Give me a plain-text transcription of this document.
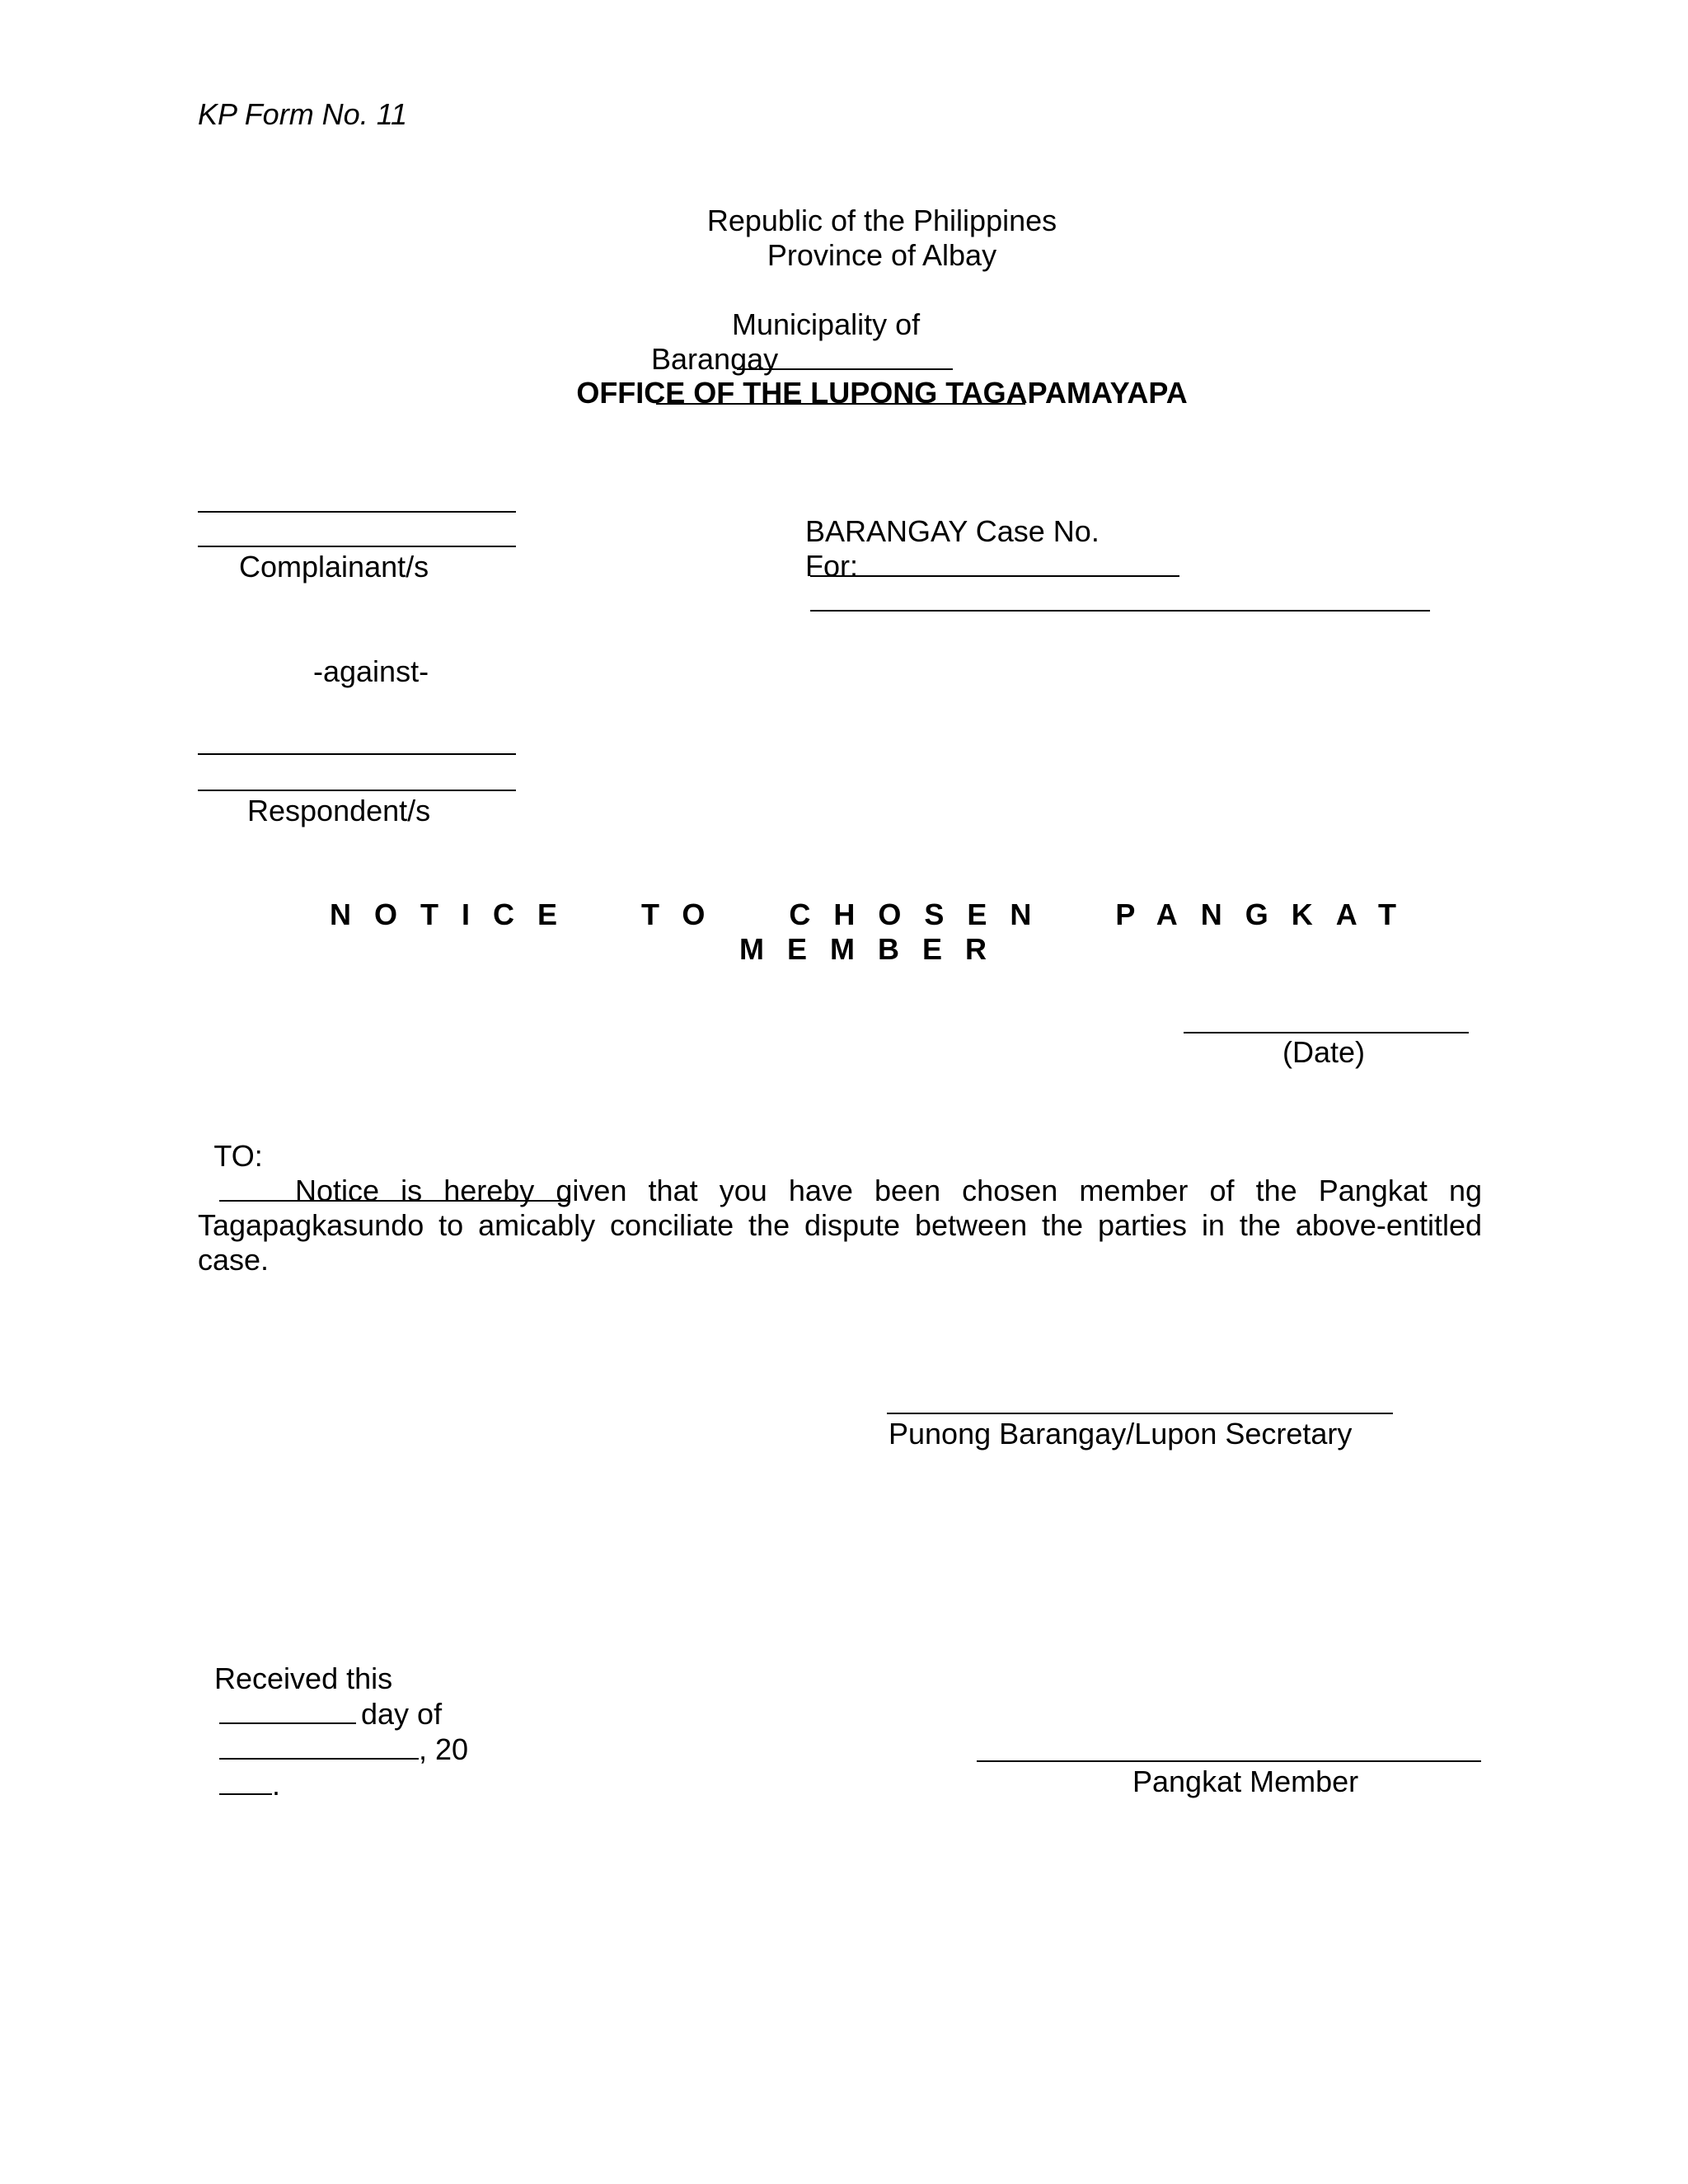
KP Form No. 11
Republic of the Philippines
Province of Albay

Municipality of

Barangay

OFFICE OF THE LUPONG TAGAPAMAYAPA
Complainant/s

BARANGAY Case No.

For:

-against-
Respondent/s
NOTICE TO CHOSEN PANGKAT
MEMBER
(Date)

TO:

Notice is hereby given that you have been chosen member of the Pangkat ng Tagapagkasundo to amicably conciliate the dispute between the parties in the above-entitled case.
Punong Barangay/Lupon Secretary

Received this
day of
, 20
.	Pangkat Member
